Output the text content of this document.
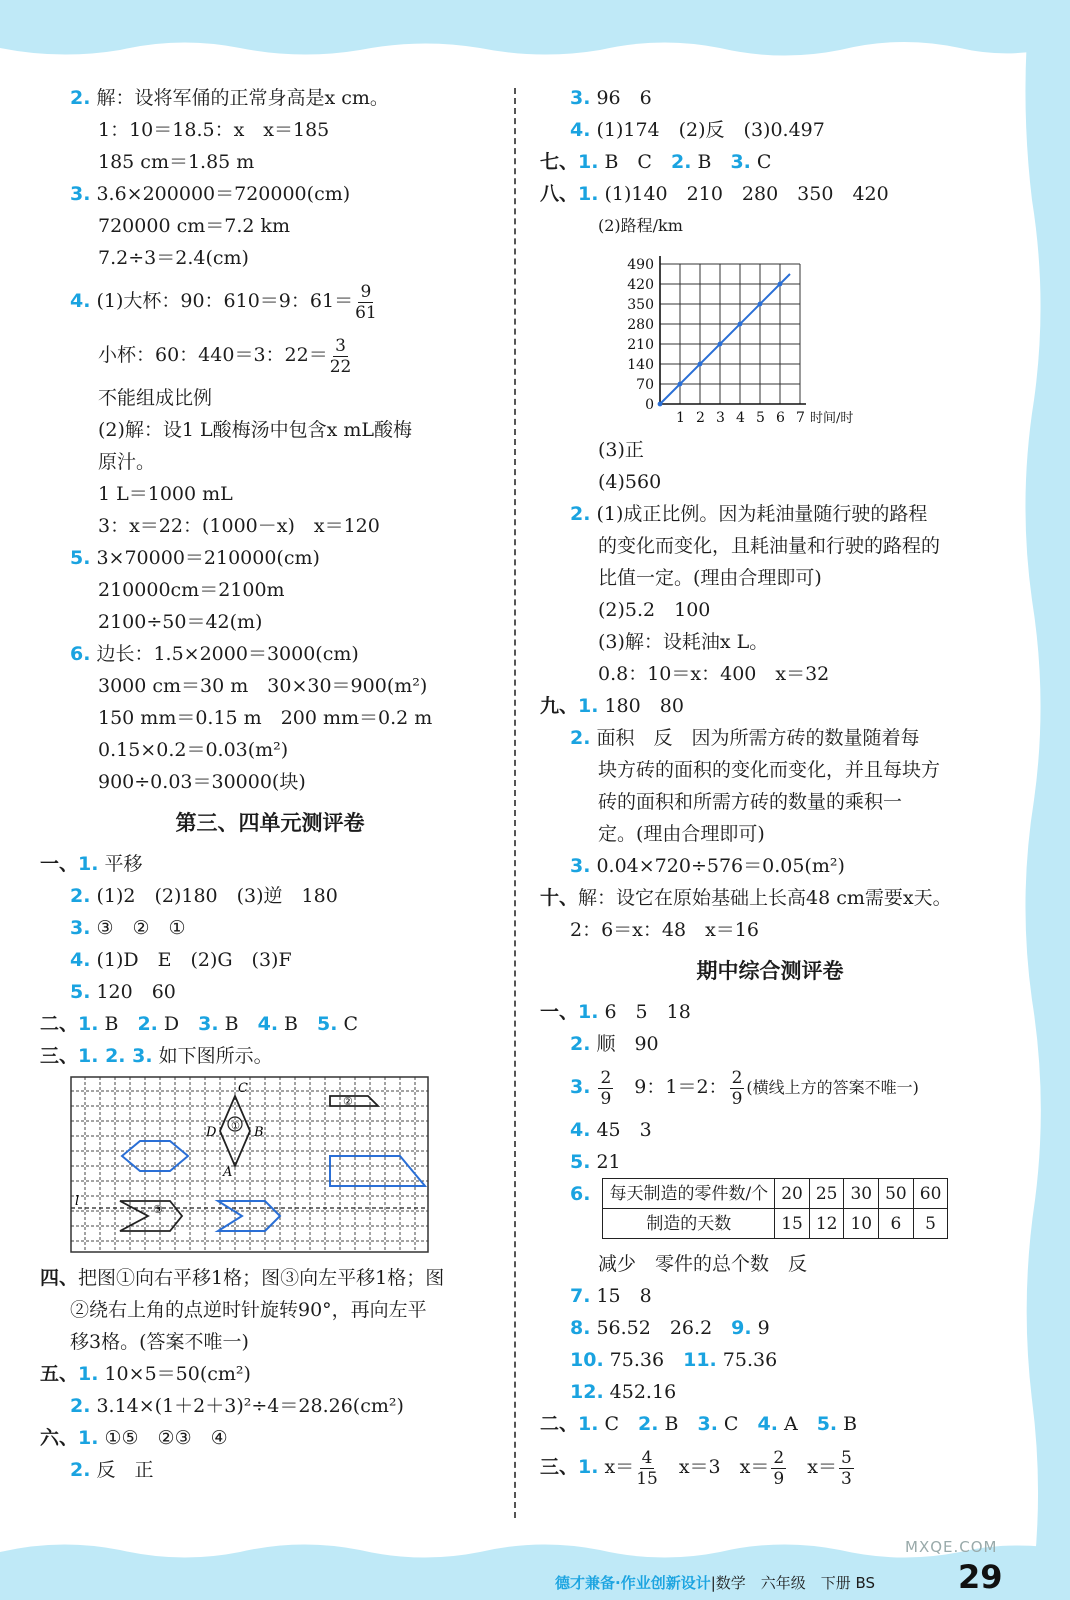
2. 解：设将军俑的正常身高是x cm。
1：10＝18.5：x　x＝185
185 cm＝1.85 m
3. 3.6×200000＝720000(cm)
720000 cm＝7.2 km
7.2÷3＝2.4(cm)
4. (1)大杯：90：610＝9：$61= \frac{9}{61}$
小杯：60：440＝3：$22= \frac{3}{22}$
不能组成比例
(2)解：设1 L酸梅汤中包含x mL酸梅
原汁。
1 L＝1000 mL
3：x＝22：(1000－x)　x＝120
5. 3×70000＝210000(cm)
210000cm＝2100m
2100÷50＝42(m)
6. 边长：1.5×2000＝3000(cm)
3000 cm＝30 m　30×30＝900(m²)
150 mm＝0.15 m　200 mm＝0.2 m
0.15×0.2＝0.03(m²)
900÷0.03＝30000(块)
第三、四单元测评卷
一、1. 平移
2. (1)2　(2)180　(3)逆　180
3. ③　②　①
4. (1)D　E　(2)G　(3)F
5. 120　60
二、1. B　 2. D　 3. B　 4. B　 5. C
三、1. 2. 3. 如下图所示。
①
C
D	B
A
②
l
③
四、把图①向右平移1格；图③向左平移1格；图
②绕右上角的点逆时针旋转90°，再向左平
移3格。(答案不唯一)
五、1. 10×5＝50(cm²)
2. 3.14×(1＋2＋3)²÷4＝28.26(cm²)
六、1. ①⑤　②③　④
2. 反　正
3. 96　6
4. (1)174　(2)反　(3)0.497
七、1. B　C　 2. B　 3. C
八、1. (1)140　210　280　350　420
(2)路程/km
1 2 3 4 5 6 7
0
70
140
210
280
350
420
490
时间/时
(3)正
(4)560
2. (1)成正比例。因为耗油量随行驶的路程
的变化而变化，且耗油量和行驶的路程的
比值一定。(理由合理即可)
(2)5.2　100
(3)解：设耗油x L。
0.8：10＝x：400　x＝32
九、1. 180　80
2. 面积　反　因为所需方砖的数量随着每
块方砖的面积的变化而变化，并且每块方
砖的面积和所需方砖的数量的乘积一
定。(理由合理即可)
3. 0.04×720÷576＝0.05(m²)
十、解：设它在原始基础上长高48 cm需要x天。
2：6＝x：48　x＝16
期中综合测评卷
一、1. 6　5　18
2. 顺　90
3. $\frac{2}{9}$
　 9：1＝2： $\frac{2}{9}$ (横线上方的答案不唯一)
4. 45　3
5. 21
6. 每天制造的零件数/个	20	25	30	50	60
制造的天数	15	12	10	6	5
减少　零件的总个数　反
7. 15　8
8. 56.52　26.2　 9. 9
10. 75.36　 11. 75.36
12. 452.16
二、1. C　 2. B　 3. C　 4. A　 5. B
三、1. $x= \frac{4}{15}$
　 x＝3　 $x= \frac{2}{9}$
　 $x= \frac{5}{3}$
MXQE.COM
德才兼备·作业创新设计|数学　六年级　下册 BS	29
